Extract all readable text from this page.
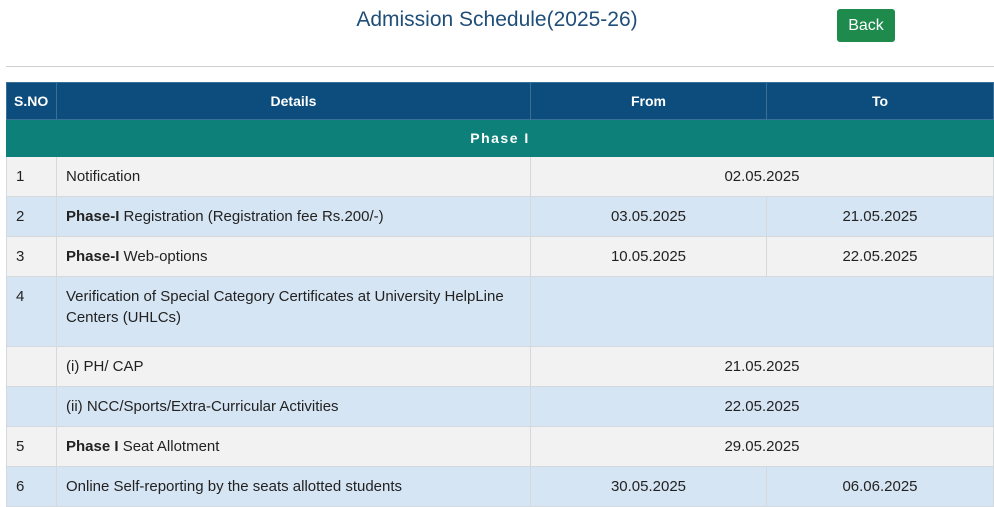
Admission Schedule(2025-26)	Back
S.NO	Details	From	To
Phase I			
1	Notification	02.05.2025	
2	Phase-I Registration (Registration fee Rs.200/-)	03.05.2025	21.05.2025
3	Phase-I Web-options	10.05.2025	22.05.2025
4	Verification of Special Category Certificates at University HelpLine Centers (UHLCs)		
	(i) PH/ CAP	21.05.2025	
	(ii) NCC/Sports/Extra-Curricular Activities	22.05.2025	
5	Phase I Seat Allotment	29.05.2025	
6	Online Self-reporting by the seats allotted students	30.05.2025	06.06.2025
